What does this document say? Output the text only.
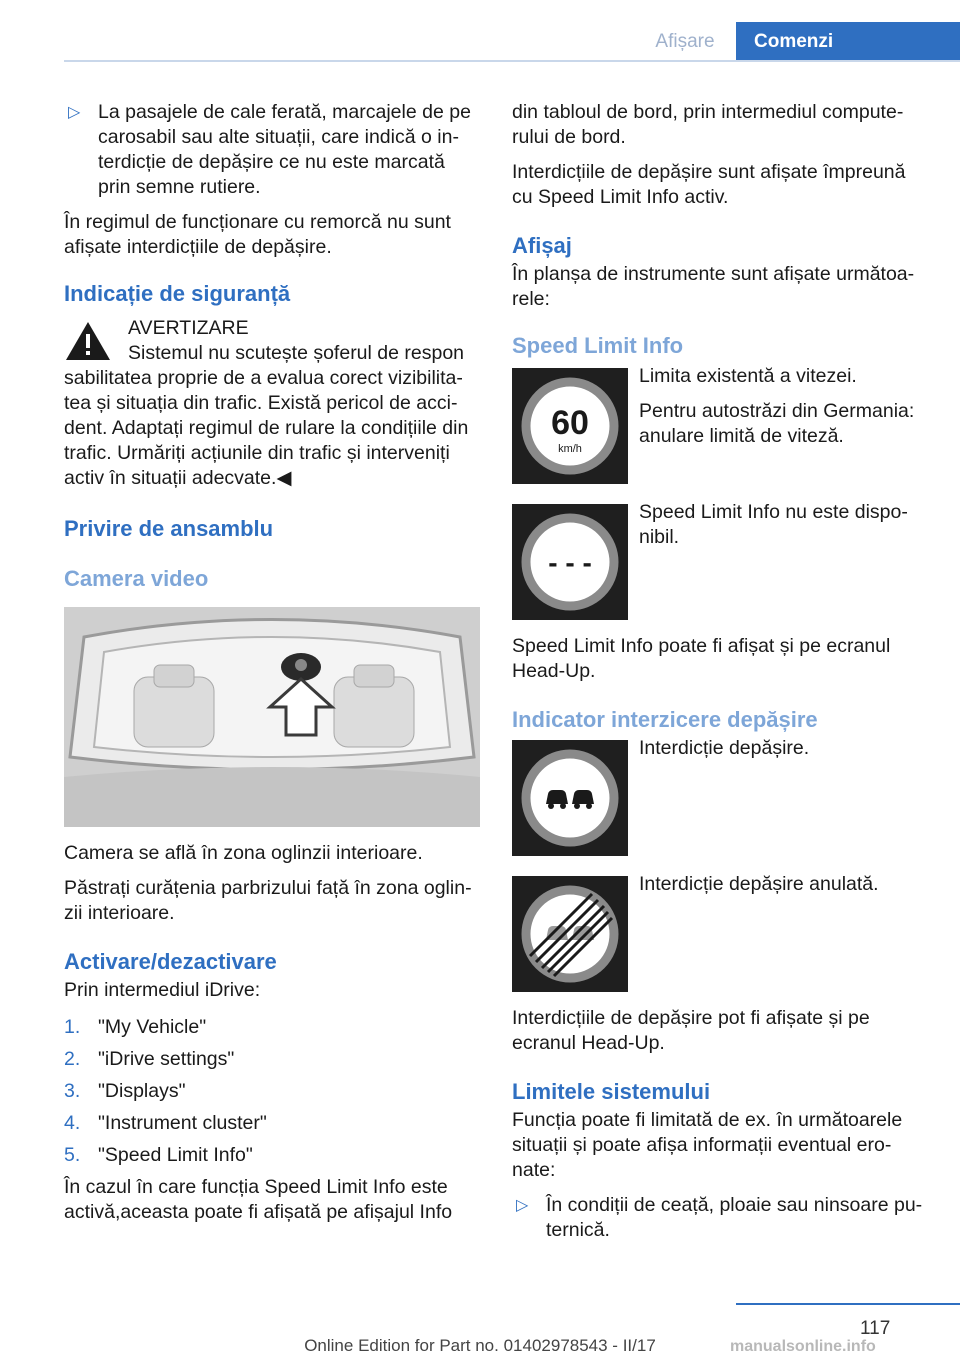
Afișare	Comenzi
▷ La pasajele de cale ferată, marcajele de pe carosabil sau alte situații, care indică o interdicție de depășire ce nu este marcată prin semne rutiere.

În regimul de funcționare cu remorcă nu sunt afișate interdicțiile de depășire.

Indicație de siguranță
AVERTIZARE
Sistemul nu scutește șoferul de respon

sabilitatea proprie de a evalua corect vizibilitatea și situația din trafic. Există pericol de accident. Adaptați regimul de rulare la condițiile din trafic. Urmăriți acțiunile din trafic și interveniți activ în situații adecvate.◀

Privire de ansamblu
Camera video

Camera se află în zona oglinzii interioare.

Păstrați curățenia parbrizului față în zona oglinzii interioare.

Activare/dezactivare

Prin intermediul iDrive:

1. "My Vehicle"
2. "iDrive settings"
3. "Displays"
4. "Instrument cluster"
5. "Speed Limit Info"

În cazul în care funcția Speed Limit Info este activă,aceasta poate fi afișată pe afișajul Info

din tabloul de bord, prin intermediul computerului de bord.

Interdicțiile de depășire sunt afișate împreună cu Speed Limit Info activ.

Afișaj

În planșa de instrumente sunt afișate următoarele:

Speed Limit Info
60
km/h

Limita existentă a vitezei.

Pentru autostrăzi din Germania: anulare limită de viteză.

- - -

Speed Limit Info nu este disponibil.

Speed Limit Info poate fi afișat și pe ecranul Head-Up.

Indicator interzicere depășire

Interdicție depășire.

Interdicție depășire anulată.

Interdicțiile de depășire pot fi afișate și pe ecranul Head-Up.

Limitele sistemului

Funcția poate fi limitată de ex. în următoarele situații și poate afișa informații eventual eronate:

▷ În condiții de ceață, ploaie sau ninsoare puternică.
117
Online Edition for Part no. 01402978543 - II/17	manualsonline.info
